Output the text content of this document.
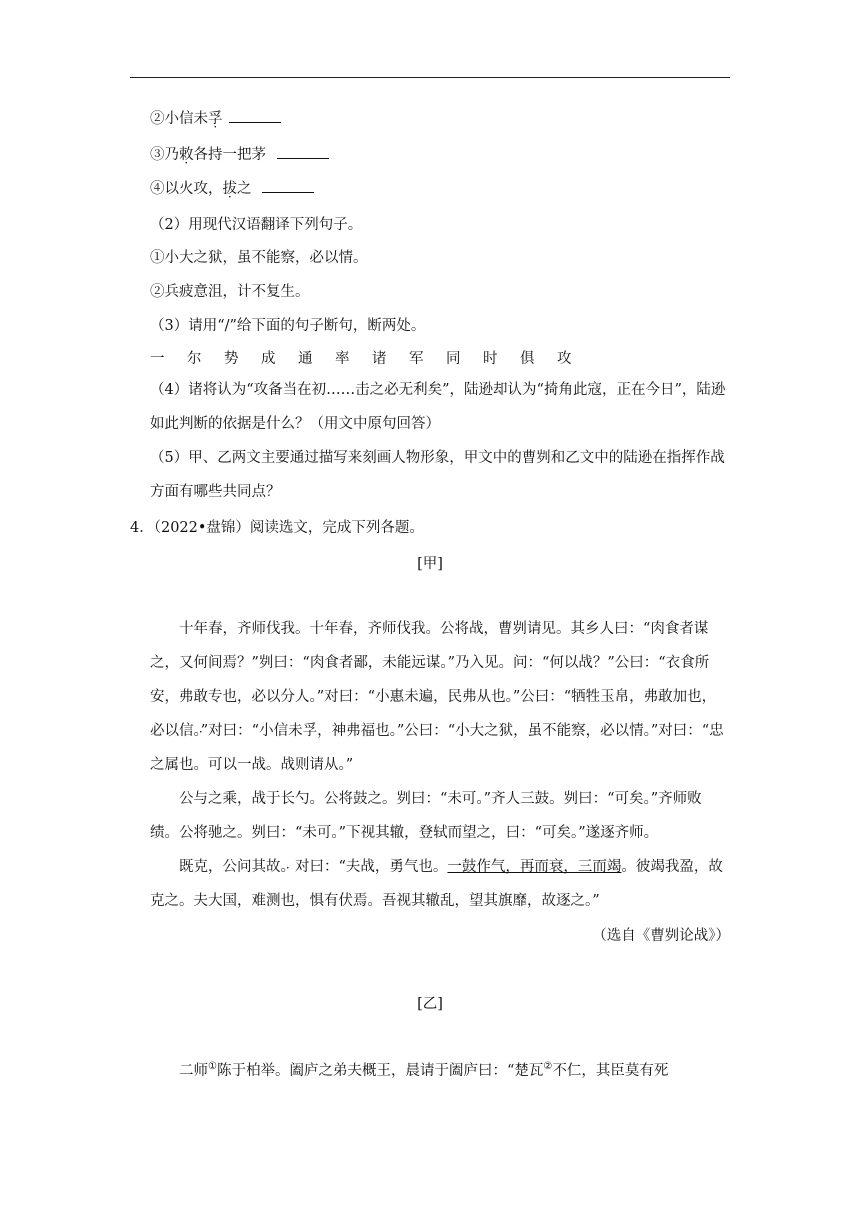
②小信未孚
③乃敕各持一把茅
④以火攻，拔之
（2）用现代汉语翻译下列句子。
①小大之狱，虽不能察，必以情。
②兵疲意沮，计不复生。
（3）请用“/”给下面的句子断句，断两处。
一 尔 势 成 通 率 诸 军 同 时 俱 攻
（4）诸将认为“攻备当在初……击之必无利矣”，陆逊却认为“掎角此寇，正在今日”，陆逊如此判断的依据是什么？（用文中原句回答）
（5）甲、乙两文主要通过描写来刻画人物形象，甲文中的曹刿和乙文中的陆逊在指挥作战方面有哪些共同点？
4．（2022•盘锦）阅读选文，完成下列各题。
[甲]
十年春，齐师伐我。十年春，齐师伐我。公将战，曹刿请见。其乡人曰：“肉食者谋之，又何间焉？”刿曰：“肉食者鄙，未能远谋。”乃入见。问：“何以战？”公曰：“衣食所安，弗敢专也，必以分人。”对曰：“小惠未遍，民弗从也。”公曰：“牺牲玉帛，弗敢加也，必以信 ·。”对曰：“小信未孚，神弗福也。”公曰：“小大之狱，虽不能察，必以情。”对曰：“忠之属也。可以一战。战则请从。”
公与之乘，战于长勺。公将鼓之。刿曰：“未可。”齐人三鼓。刿曰：“可矣。”齐师败绩。公将驰之。刿曰：“未可。”下视其辙，登轼而望之，曰：“可矣。”遂逐齐师。
既克，公问其故 ·。对曰：“夫战，勇气也。一鼓作气，再而衰，三而竭。彼竭我盈，故克之。夫大国，难测也，惧有伏焉。吾视其辙乱，望其旗靡，故逐之。”
（选自《曹刿论战》）
[乙]
二师①陈于柏举。阖庐之弟夫概王，晨请于阖庐曰：“楚瓦②不仁，其臣莫有死
